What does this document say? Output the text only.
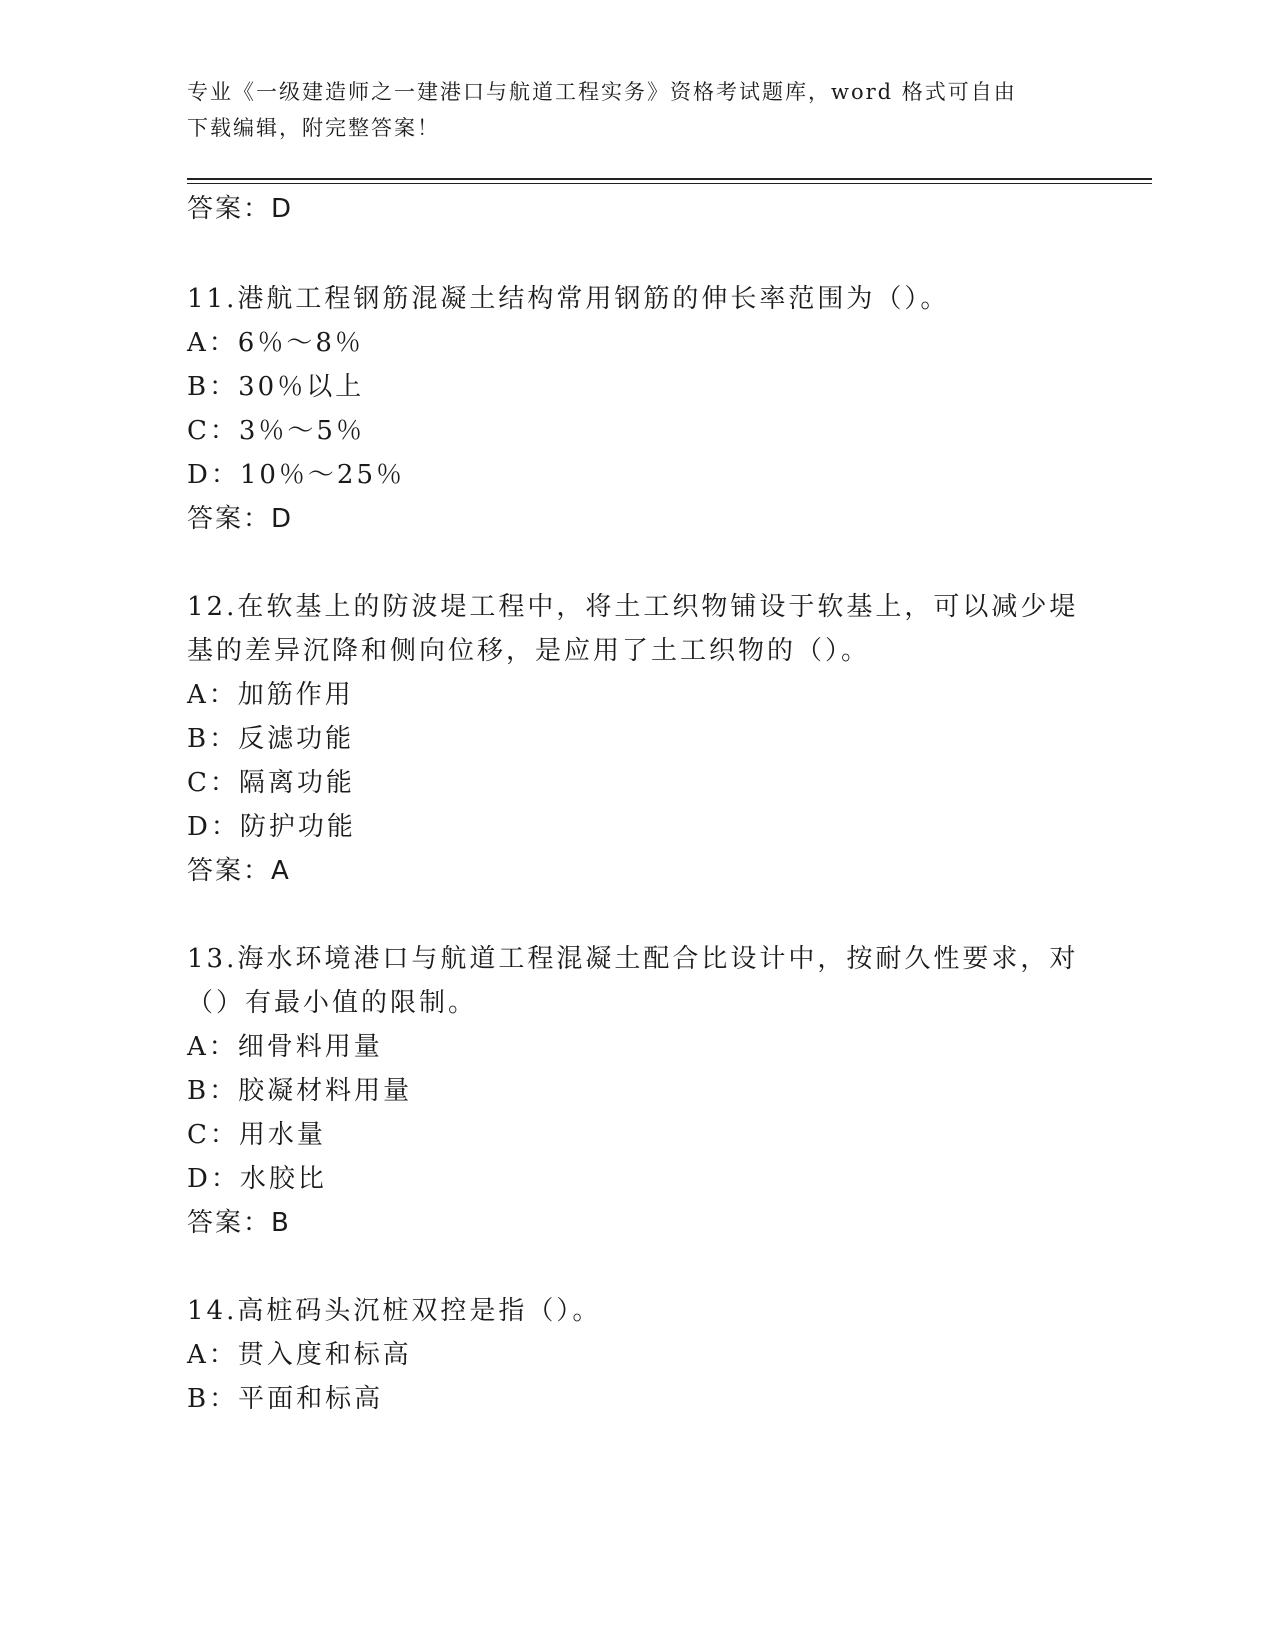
专业《一级建造师之一建港口与航道工程实务》资格考试题库，word 格式可自由
下载编辑，附完整答案！
答案：D
11.港航工程钢筋混凝土结构常用钢筋的伸长率范围为（）。
A：6％～8％
B：30％以上
C：3％～5％
D：10％～25％
答案：D
12.在软基上的防波堤工程中，将土工织物铺设于软基上，可以减少堤
基的差异沉降和侧向位移，是应用了土工织物的（）。
A：加筋作用
B：反滤功能
C：隔离功能
D：防护功能
答案：A
13.海水环境港口与航道工程混凝土配合比设计中，按耐久性要求，对
（）有最小值的限制。
A：细骨料用量
B：胶凝材料用量
C：用水量
D：水胶比
答案：B
14.高桩码头沉桩双控是指（）。
A：贯入度和标高
B：平面和标高
